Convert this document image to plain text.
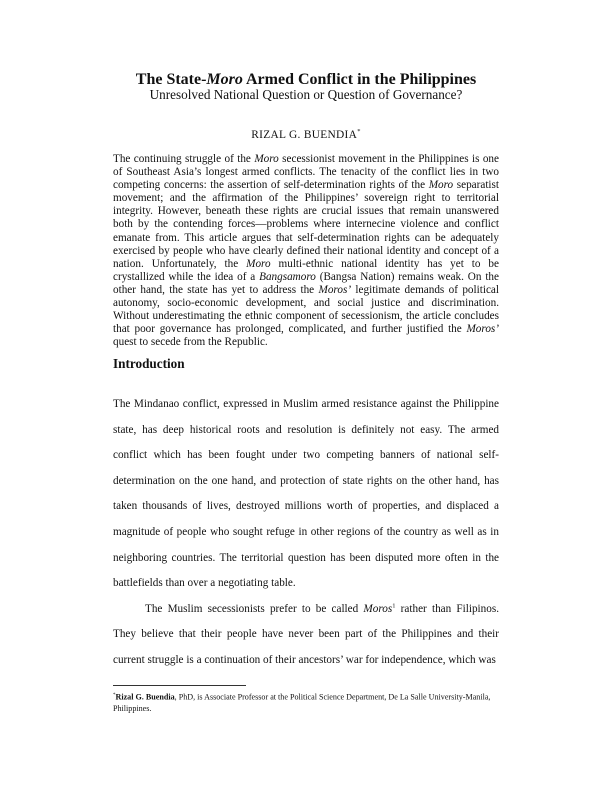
The State-Moro Armed Conflict in the Philippines
Unresolved National Question or Question of Governance?
RIZAL G. BUENDIA*

The continuing struggle of the Moro secessionist movement in the Philippines is one of Southeast Asia’s longest armed conflicts. The tenacity of the conflict lies in two competing concerns: the assertion of self-determination rights of the Moro separatist movement; and the affirmation of the Philippines’ sovereign right to territorial integrity. However, beneath these rights are crucial issues that remain unanswered both by the contending forces—problems where internecine violence and conflict emanate from. This article argues that self-determination rights can be adequately exercised by people who have clearly defined their national identity and concept of a nation. Unfortunately, the Moro multi-ethnic national identity has yet to be crystallized while the idea of a Bangsamoro (Bangsa Nation) remains weak. On the other hand, the state has yet to address the Moros’ legitimate demands of political autonomy, socio-economic development, and social justice and discrimination. Without underestimating the ethnic component of secessionism, the article concludes that poor governance has prolonged, complicated, and further justified the Moros’ quest to secede from the Republic.

Introduction

The Mindanao conflict, expressed in Muslim armed resistance against the Philippine state, has deep historical roots and resolution is definitely not easy. The armed conflict which has been fought under two competing banners of national self-determination on the one hand, and protection of state rights on the other hand, has taken thousands of lives, destroyed millions worth of properties, and displaced a magnitude of people who sought refuge in other regions of the country as well as in neighboring countries. The territorial question has been disputed more often in the battlefields than over a negotiating table.

The Muslim secessionists prefer to be called Moros$^1$ rather than Filipinos. They believe that their people have never been part of the Philippines and their current struggle is a continuation of their ancestors’ war for independence, which was

*Rizal G. Buendia, PhD, is Associate Professor at the Political Science Department, De La Salle University-Manila, Philippines.
